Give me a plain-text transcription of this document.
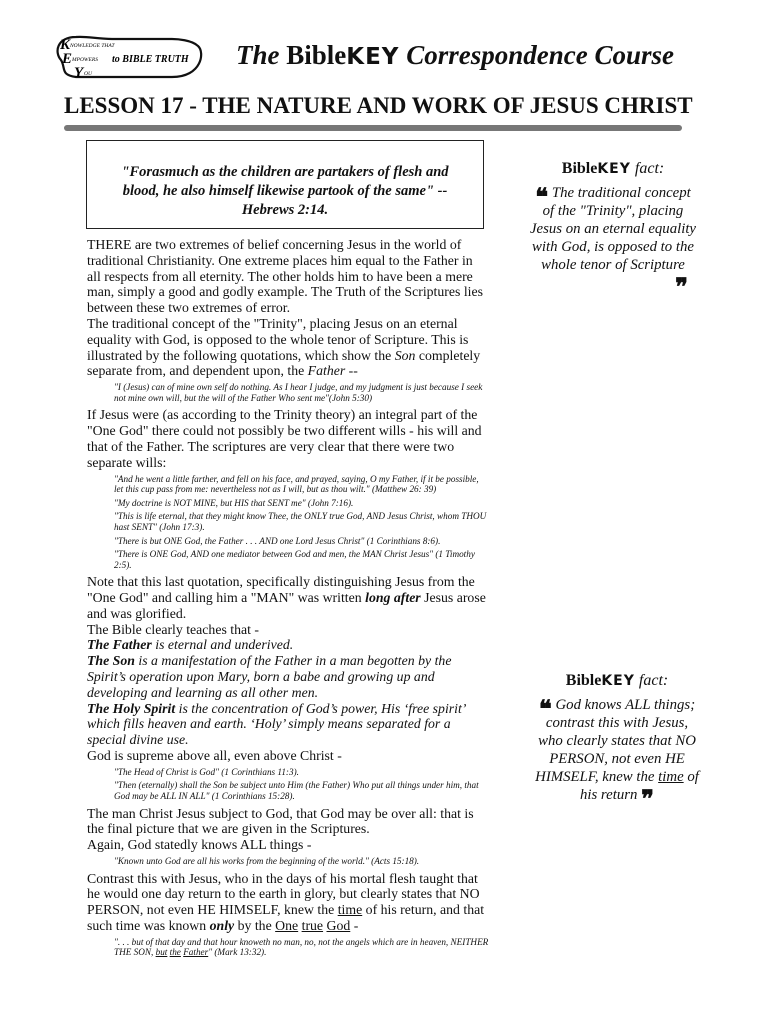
K NOWLEDGE THAT
E MPOWERS to BIBLE TRUTH
Y OU
The BibleKEY Correspondence Course
LESSON 17 - THE NATURE AND WORK OF JESUS CHRIST
"Forasmuch as the children are partakers of flesh and blood, he also himself likewise partook of the same" -- Hebrews 2:14.

THERE are two extremes of belief concerning Jesus in the world of traditional Christianity. One extreme places him equal to the Father in all respects from all eternity. The other holds him to have been a mere man, simply a good and godly example. The Truth of the Scriptures lies between these two extremes of error.

The traditional concept of the "Trinity", placing Jesus on an eternal equality with God, is opposed to the whole tenor of Scripture. This is illustrated by the following quotations, which show the Son completely separate from, and dependent upon, the Father --

"I (Jesus) can of mine own self do nothing. As I hear I judge, and my judgment is just because I seek not mine own will, but the will of the Father Who sent me"(John 5:30)

If Jesus were (as according to the Trinity theory) an integral part of the "One God" there could not possibly be two different wills - his will and that of the Father. The scriptures are very clear that there were two separate wills:

"And he went a little farther, and fell on his face, and prayed, saying, O my Father, if it be possible, let this cup pass from me: nevertheless not as I will, but as thou wilt." (Matthew 26: 39)
"My doctrine is NOT MINE, but HIS that SENT me" (John 7:16).
"This is life eternal, that they might know Thee, the ONLY true God, AND Jesus Christ, whom THOU hast SENT" (John 17:3).
"There is but ONE God, the Father . . . AND one Lord Jesus Christ" (1 Corinthians 8:6).
"There is ONE God, AND one mediator between God and men, the MAN Christ Jesus" (1 Timothy 2:5).

Note that this last quotation, specifically distinguishing Jesus from the "One God" and calling him a "MAN" was written long after Jesus arose and was glorified.

The Bible clearly teaches that -

The Father is eternal and underived.

The Son is a manifestation of the Father in a man begotten by the Spirit’s operation upon Mary, born a babe and growing up and developing and learning as all other men.

The Holy Spirit is the concentration of God’s power, His ‘free spirit’ which fills heaven and earth. ‘Holy’ simply means separated for a special divine use.

God is supreme above all, even above Christ -

"The Head of Christ is God" (1 Corinthians 11:3).
"Then (eternally) shall the Son be subject unto Him (the Father) Who put all things under him, that God may be ALL IN ALL" (1 Corinthians 15:28).

The man Christ Jesus subject to God, that God may be over all: that is the final picture that we are given in the Scriptures.

Again, God statedly knows ALL things -

"Known unto God are all his works from the beginning of the world." (Acts 15:18).

Contrast this with Jesus, who in the days of his mortal flesh taught that he would one day return to the earth in glory, but clearly states that NO PERSON, not even HE HIMSELF, knew the time of his return, and that such time was known only by the One true God -

". . . but of that day and that hour knoweth no man, no, not the angels which are in heaven, NEITHER THE SON, but the Father" (Mark 13:32).
BibleKEY fact:
❝ The traditional concept of the "Trinity", placing Jesus on an eternal equality with God, is opposed to the whole tenor of Scripture
❞
BibleKEY fact:
❝ God knows ALL things; contrast this with Jesus, who clearly states that NO PERSON, not even HE HIMSELF, knew the time of his return ❞
